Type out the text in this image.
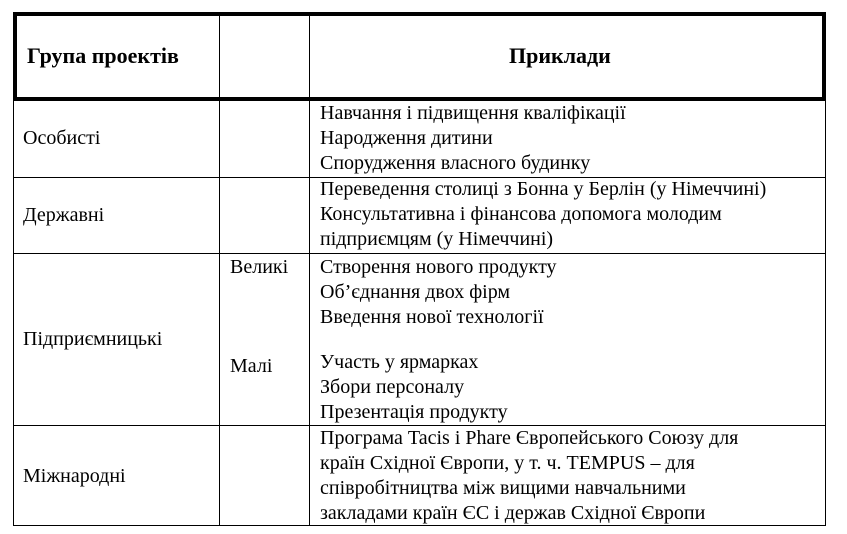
Група проектів	Приклади
Особисті
Навчання і підвищення кваліфікації
Народження дитини
Спорудження власного будинку
Державні
Переведення столиці з Бонна у Берлін (у Німеччині)
Консультативна і фінансова допомога молодим
підприємцям (у Німеччині)
Підприємницькі
Великі Створення нового продукту
Об’єднання двох фірм
Введення нової технології
Малі Участь у ярмарках
Збори персоналу
Презентація продукту
Міжнародні
Програма Tacis і Phare Європейського Союзу для
країн Східної Європи, у т. ч. TEMPUS – для
співробітництва між вищими навчальними
закладами країн ЄС і держав Східної Європи
